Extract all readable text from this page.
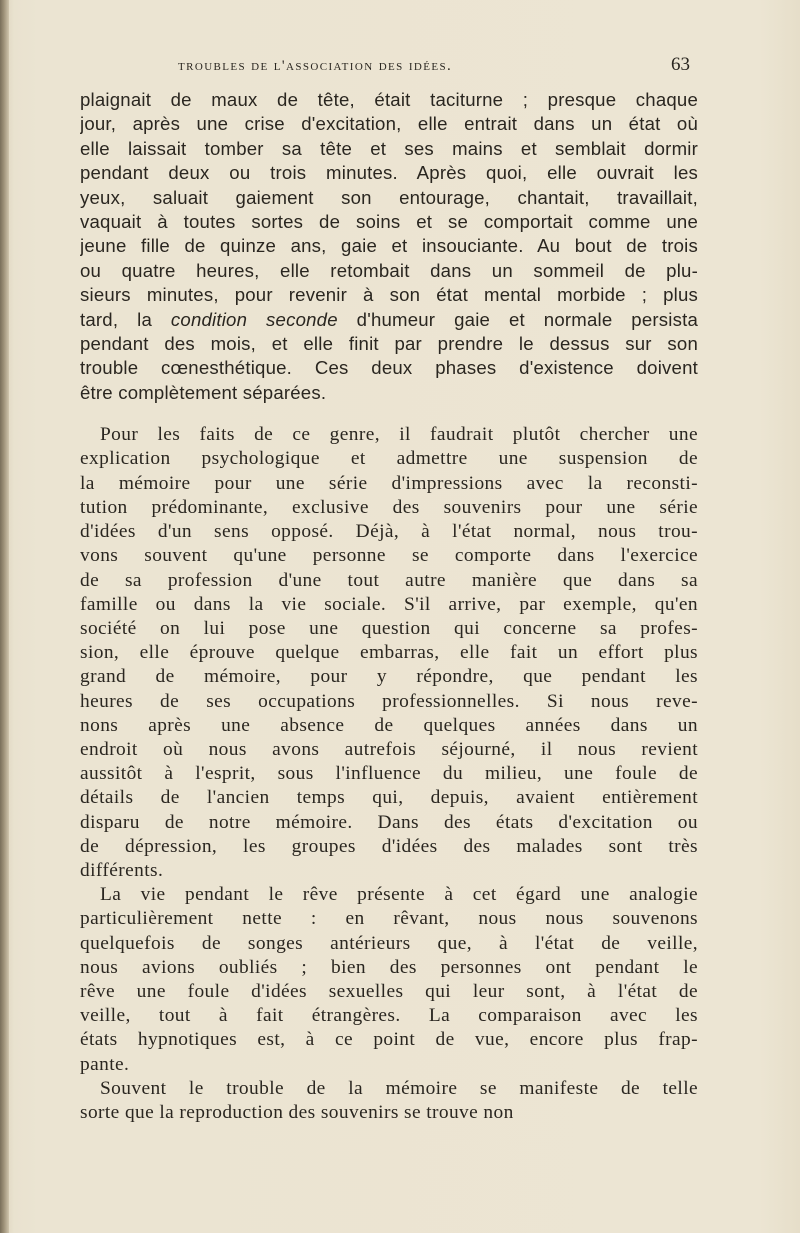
troubles de l'association des idées.	63

plaignait de maux de tête, était taciturne ; presque chaque
jour, après une crise d'excitation, elle entrait dans un état où
elle laissait tomber sa tête et ses mains et semblait dormir
pendant deux ou trois minutes. Après quoi, elle ouvrait les
yeux, saluait gaiement son entourage, chantait, travaillait,
vaquait à toutes sortes de soins et se comportait comme une
jeune fille de quinze ans, gaie et insouciante. Au bout de trois
ou quatre heures, elle retombait dans un sommeil de plu-
sieurs minutes, pour revenir à son état mental morbide ; plus
tard, la condition seconde d'humeur gaie et normale persista
pendant des mois, et elle finit par prendre le dessus sur son
trouble cœnesthétique. Ces deux phases d'existence doivent
être complètement séparées.

Pour les faits de ce genre, il faudrait plutôt chercher une
explication psychologique et admettre une suspension de
la mémoire pour une série d'impressions avec la reconsti-
tution prédominante, exclusive des souvenirs pour une série
d'idées d'un sens opposé. Déjà, à l'état normal, nous trou-
vons souvent qu'une personne se comporte dans l'exercice
de sa profession d'une tout autre manière que dans sa
famille ou dans la vie sociale. S'il arrive, par exemple, qu'en
société on lui pose une question qui concerne sa profes-
sion, elle éprouve quelque embarras, elle fait un effort plus
grand de mémoire, pour y répondre, que pendant les
heures de ses occupations professionnelles. Si nous reve-
nons après une absence de quelques années dans un
endroit où nous avons autrefois séjourné, il nous revient
aussitôt à l'esprit, sous l'influence du milieu, une foule de
détails de l'ancien temps qui, depuis, avaient entièrement
disparu de notre mémoire. Dans des états d'excitation ou
de dépression, les groupes d'idées des malades sont très
différents.

La vie pendant le rêve présente à cet égard une analogie
particulièrement nette : en rêvant, nous nous souvenons
quelquefois de songes antérieurs que, à l'état de veille,
nous avions oubliés ; bien des personnes ont pendant le
rêve une foule d'idées sexuelles qui leur sont, à l'état de
veille, tout à fait étrangères. La comparaison avec les
états hypnotiques est, à ce point de vue, encore plus frap-
pante.

Souvent le trouble de la mémoire se manifeste de telle
sorte que la reproduction des souvenirs se trouve non
